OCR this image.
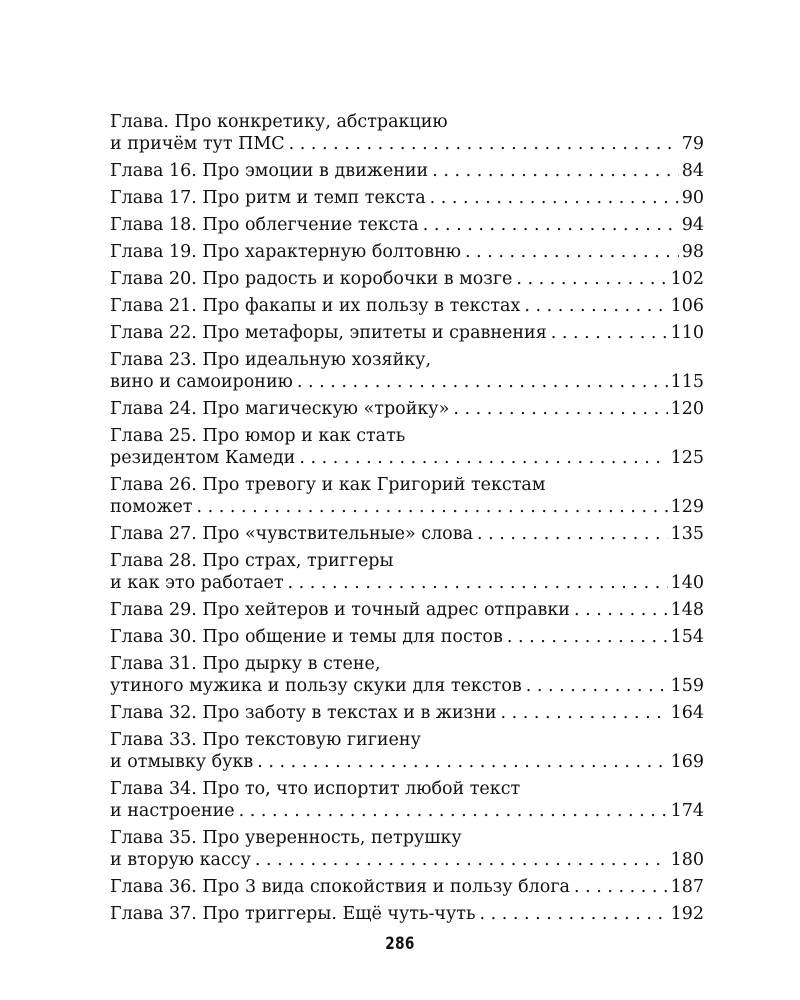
Глава. Про конкретику, абстракцию
и причём тут ПМС . . .	79
Глава 16. Про эмоции в движении . . .	84
Глава 17. Про ритм и темп текста . . .	90
Глава 18. Про облегчение текста . . .	94
Глава 19. Про характерную болтовню . . .	98
Глава 20. Про радость и коробочки в мозге . . .	102
Глава 21. Про факапы и их пользу в текстах . . .	106
Глава 22. Про метафоры, эпитеты и сравнения . . .	110
Глава 23. Про идеальную хозяйку,
вино и самоиронию . . .	115
Глава 24. Про магическую «тройку» . . .	120
Глава 25. Про юмор и как стать
резидентом Камеди . . .	125
Глава 26. Про тревогу и как Григорий текстам
поможет . . .	129
Глава 27. Про «чувствительные» слова . . .	135
Глава 28. Про страх, триггеры
и как это работает . . .	140
Глава 29. Про хейтеров и точный адрес отправки . . .	148
Глава 30. Про общение и темы для постов . . .	154
Глава 31. Про дырку в стене,
утиного мужика и пользу скуки для текстов . . .	159
Глава 32. Про заботу в текстах и в жизни . . .	164
Глава 33. Про текстовую гигиену
и отмывку букв . . .	169
Глава 34. Про то, что испортит любой текст
и настроение . . .	174
Глава 35. Про уверенность, петрушку
и вторую кассу . . .	180
Глава 36. Про 3 вида спокойствия и пользу блога . . .	187
Глава 37. Про триггеры. Ещё чуть-чуть . . .	192
286
